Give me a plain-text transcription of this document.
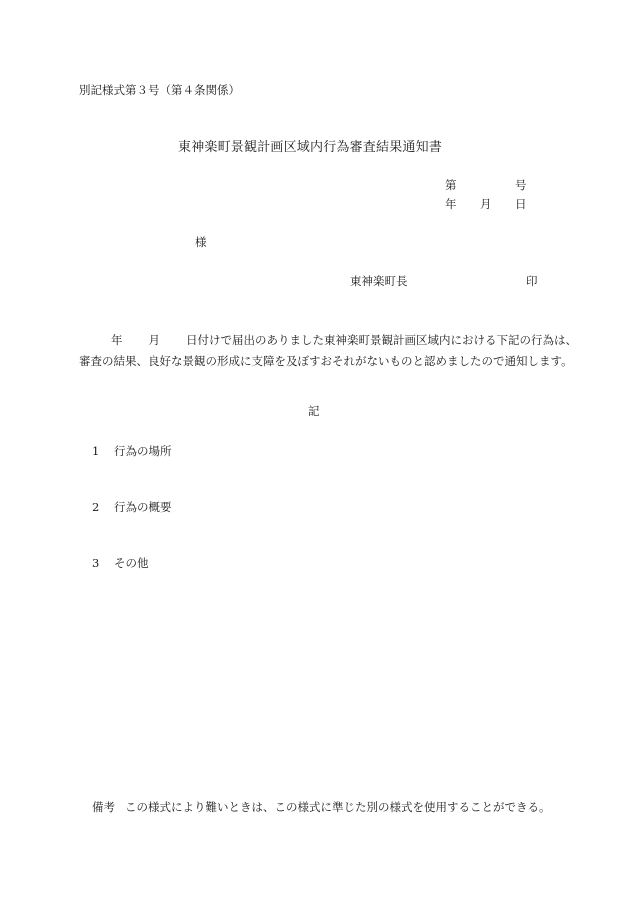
別記様式第３号（第４条関係）
東神楽町景観計画区域内行為審査結果通知書
第	号
年 月 日
様
東神楽町長	印
年 月 日付けで届出のありました東神楽町景観計画区域内における下記の行為は、審査の結果、良好な景観の形成に支障を及ぼすおそれがないものと認めましたので通知します。
記
1 行為の場所
2 行為の概要
3 その他
備考 この様式により難いときは、この様式に準じた別の様式を使用することができる。
